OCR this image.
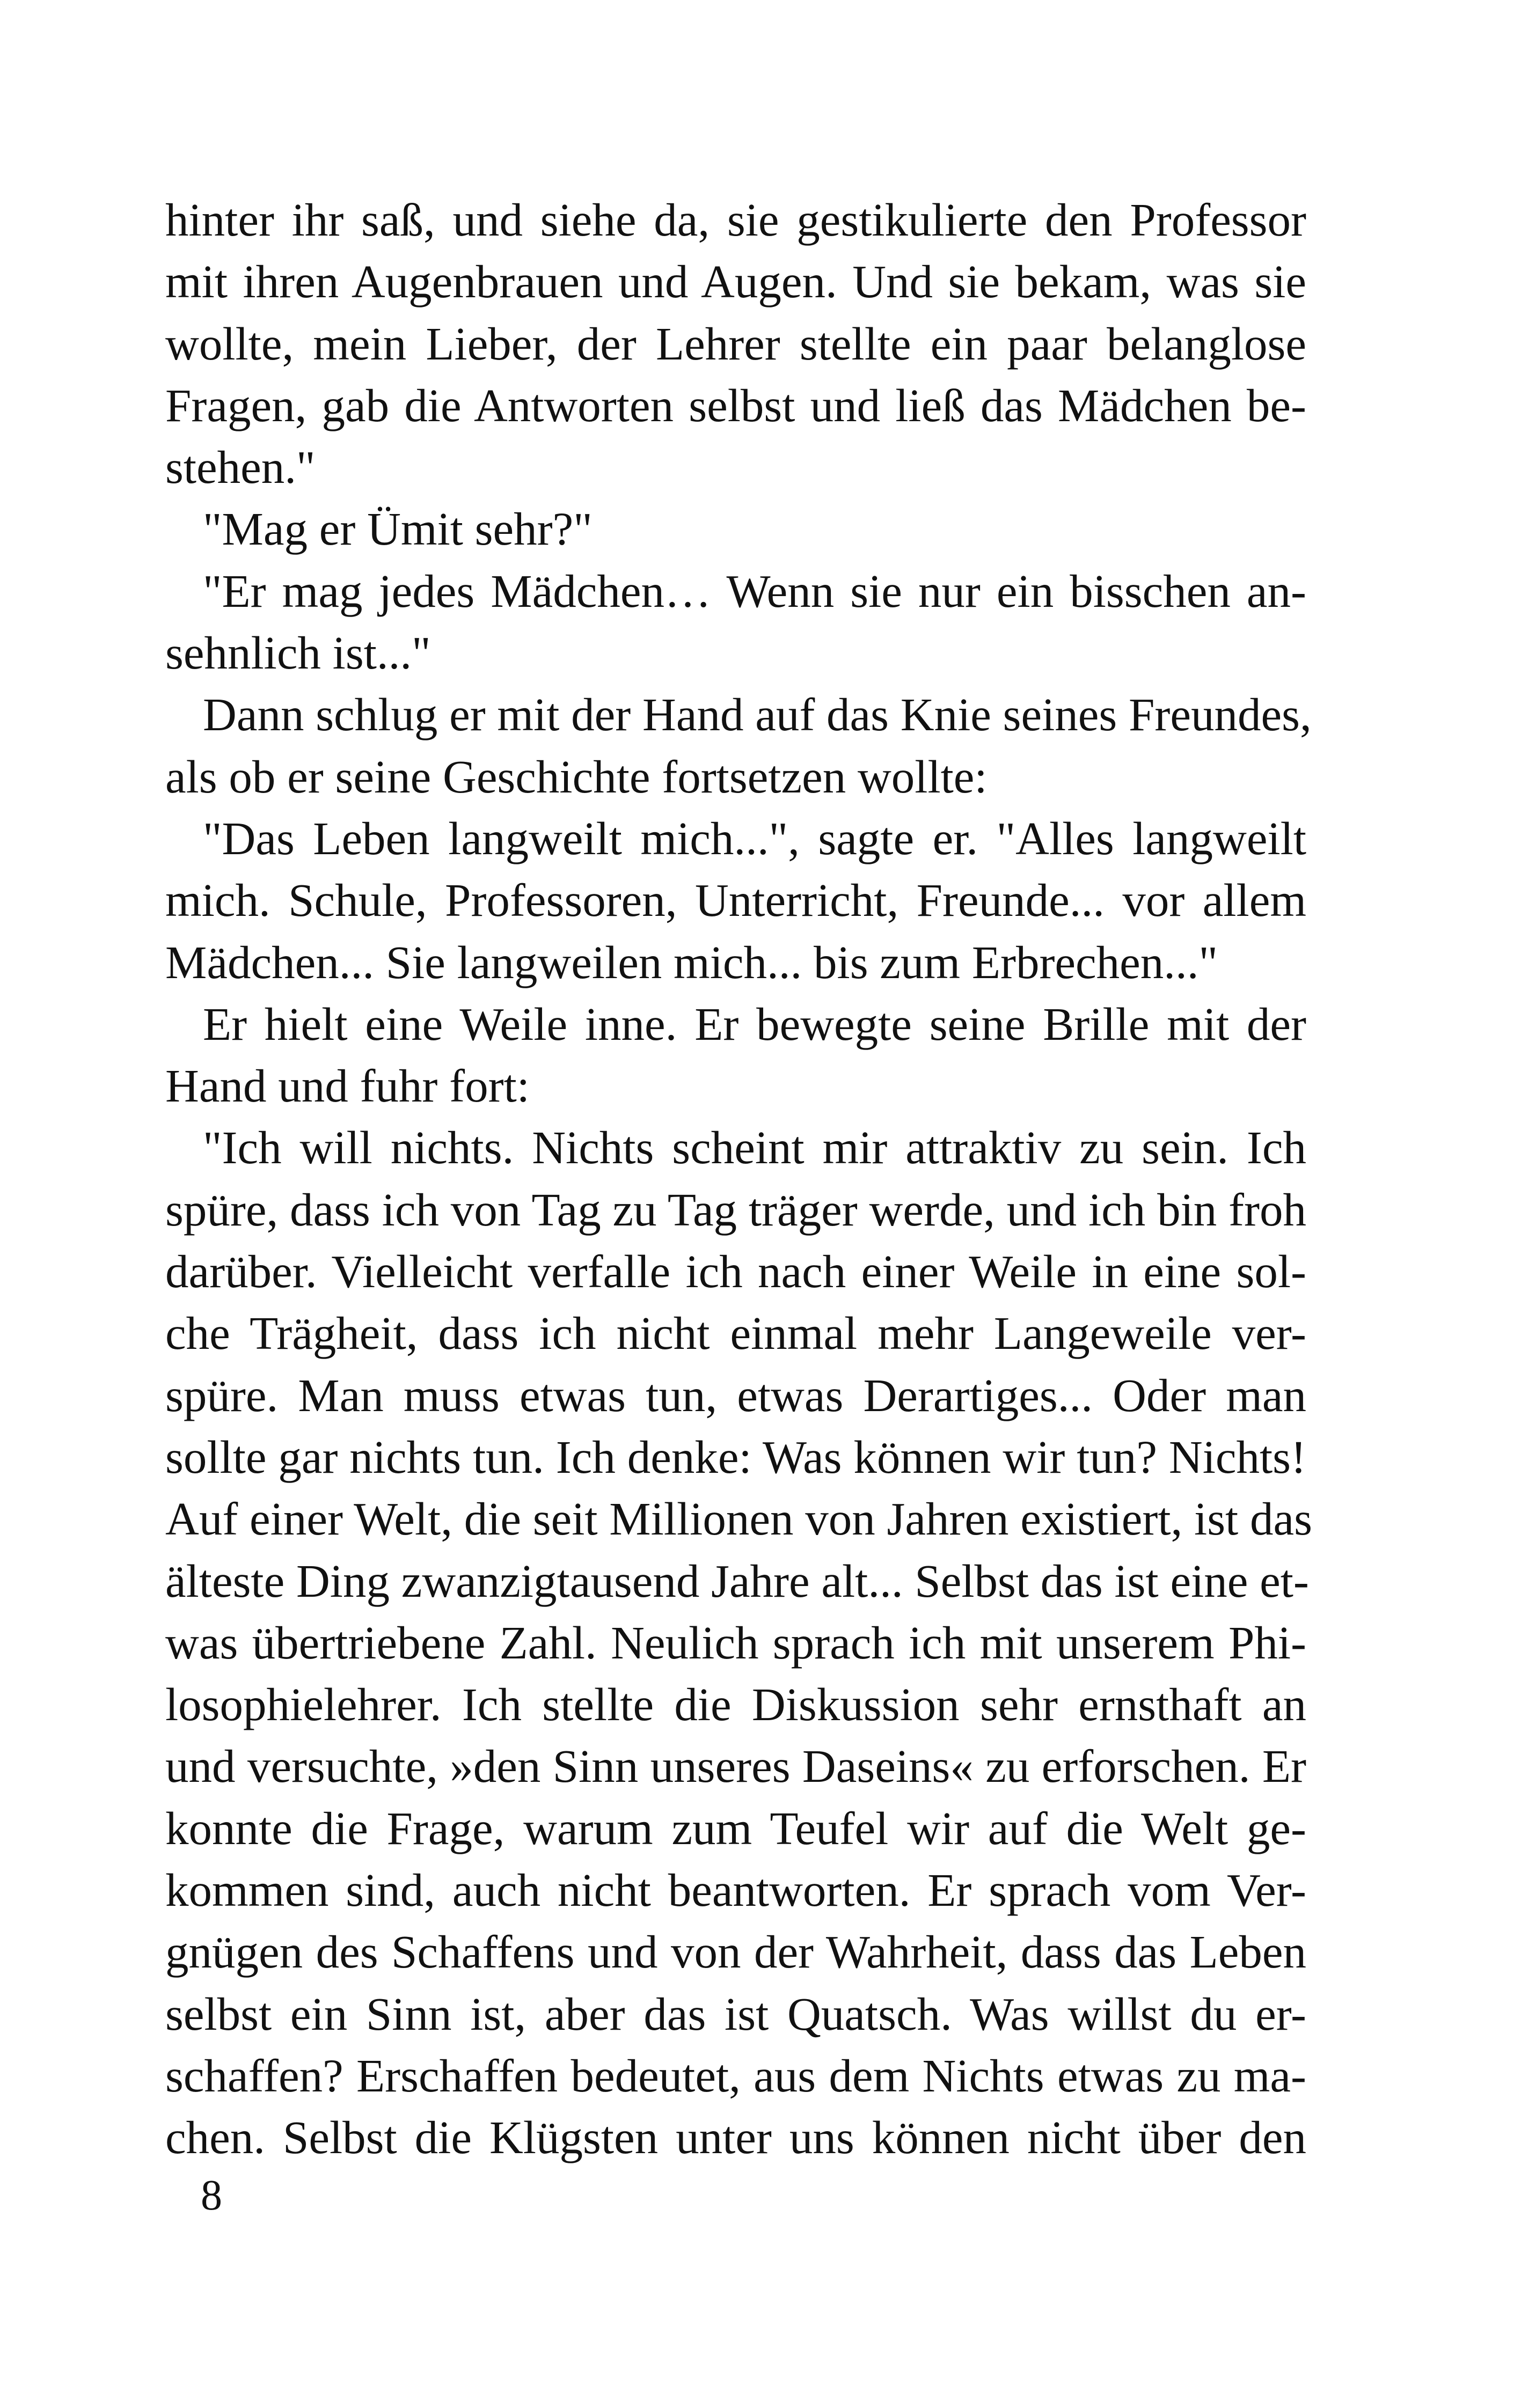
hinter ihr saß, und siehe da, sie gestikulierte den Professor
mit ihren Augenbrauen und Augen. Und sie bekam, was sie
wollte, mein Lieber, der Lehrer stellte ein paar belanglose
Fragen, gab die Antworten selbst und ließ das Mädchen be-
stehen."
"Mag er Ümit sehr?"
"Er mag jedes Mädchen… Wenn sie nur ein bisschen an-
sehnlich ist..."
Dann schlug er mit der Hand auf das Knie seines Freundes,
als ob er seine Geschichte fortsetzen wollte:
"Das Leben langweilt mich...", sagte er. "Alles langweilt
mich. Schule, Professoren, Unterricht, Freunde... vor allem
Mädchen... Sie langweilen mich... bis zum Erbrechen..."
Er hielt eine Weile inne. Er bewegte seine Brille mit der
Hand und fuhr fort:
"Ich will nichts. Nichts scheint mir attraktiv zu sein. Ich
spüre, dass ich von Tag zu Tag träger werde, und ich bin froh
darüber. Vielleicht verfalle ich nach einer Weile in eine sol-
che Trägheit, dass ich nicht einmal mehr Langeweile ver-
spüre. Man muss etwas tun, etwas Derartiges... Oder man
sollte gar nichts tun. Ich denke: Was können wir tun? Nichts!
Auf einer Welt, die seit Millionen von Jahren existiert, ist das
älteste Ding zwanzigtausend Jahre alt... Selbst das ist eine et-
was übertriebene Zahl. Neulich sprach ich mit unserem Phi-
losophielehrer. Ich stellte die Diskussion sehr ernsthaft an
und versuchte, »den Sinn unseres Daseins« zu erforschen. Er
konnte die Frage, warum zum Teufel wir auf die Welt ge-
kommen sind, auch nicht beantworten. Er sprach vom Ver-
gnügen des Schaffens und von der Wahrheit, dass das Leben
selbst ein Sinn ist, aber das ist Quatsch. Was willst du er-
schaffen? Erschaffen bedeutet, aus dem Nichts etwas zu ma-
chen. Selbst die Klügsten unter uns können nicht über den
8
